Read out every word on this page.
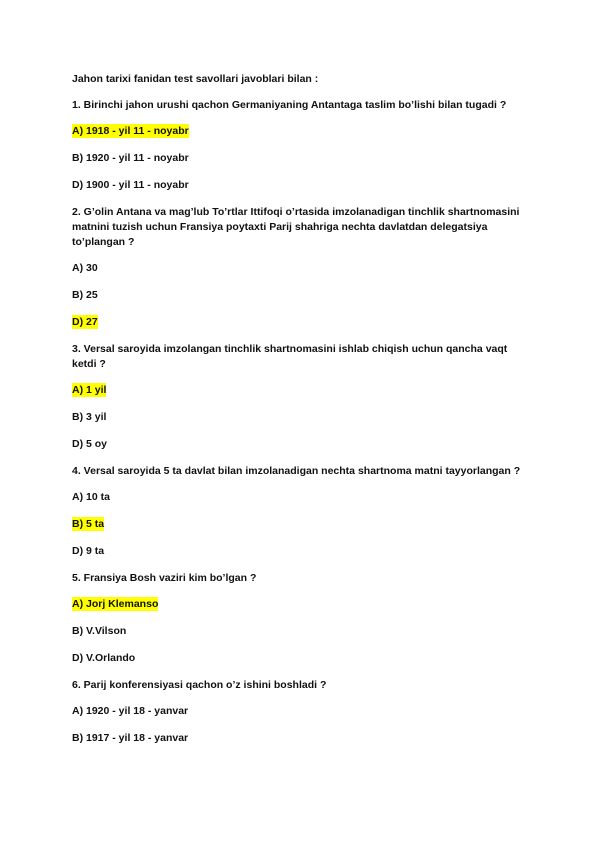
Jahon tarixi fanidan test savollari javoblari bilan :
1. Birinchi jahon urushi qachon Germaniyaning Antantaga taslim bo’lishi bilan tugadi ?
A) 1918 - yil 11 - noyabr
B) 1920 - yil 11 - noyabr
D) 1900 - yil 11 - noyabr
2. G’olin Antana va mag’lub To’rtlar Ittifoqi o’rtasida imzolanadigan tinchlik shartnomasini matnini tuzish uchun Fransiya poytaxti Parij shahriga nechta davlatdan delegatsiya to’plangan ?
A) 30
B) 25
D) 27
3. Versal saroyida imzolangan tinchlik shartnomasini ishlab chiqish uchun qancha vaqt ketdi ?
A) 1 yil
B) 3 yil
D) 5 oy
4. Versal saroyida 5 ta davlat bilan imzolanadigan nechta shartnoma matni tayyorlangan ?
A) 10 ta
B) 5 ta
D) 9 ta
5. Fransiya Bosh vaziri kim bo’lgan ?
A) Jorj Klemanso
B) V.Vilson
D) V.Orlando
6. Parij konferensiyasi qachon o’z ishini boshladi ?
A) 1920 - yil 18 - yanvar
B) 1917 - yil 18 - yanvar
